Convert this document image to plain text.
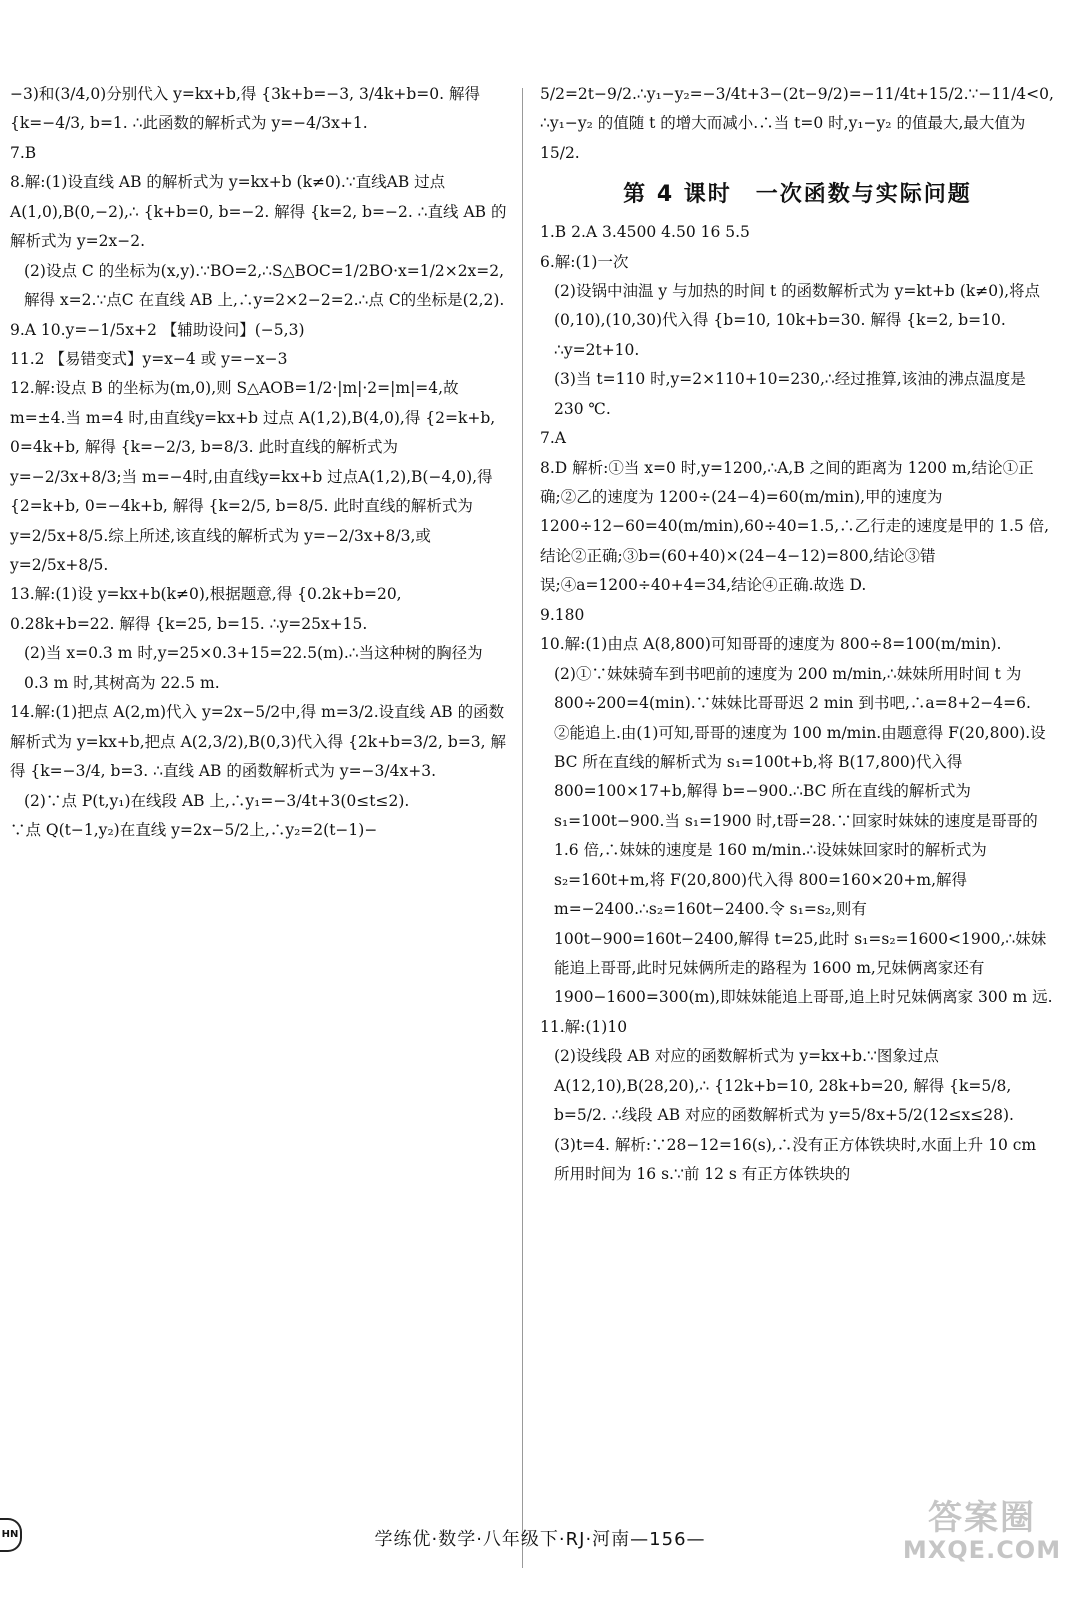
−3)和(3/4,0)分别代入 y=kx+b,得 {3k+b=−3, 3/4k+b=0. 解得

{k=−4/3, b=1. ∴此函数的解析式为 y=−4/3x+1.

7.B

8.解:(1)设直线 AB 的解析式为 y=kx+b (k≠0).∵直线AB 过点 A(1,0),B(0,−2),∴ {k+b=0, b=−2. 解得 {k=2, b=−2. ∴直线 AB 的解析式为 y=2x−2.

(2)设点 C 的坐标为(x,y).∵BO=2,∴S△BOC=1/2BO·x=1/2×2x=2,解得 x=2.∵点C 在直线 AB 上,∴y=2×2−2=2.∴点 C的坐标是(2,2).

9.A 10.y=−1/5x+2 【辅助设问】(−5,3)

11.2 【易错变式】y=x−4 或 y=−x−3

12.解:设点 B 的坐标为(m,0),则 S△AOB=1/2·|m|·2=|m|=4,故 m=±4.当 m=4 时,由直线y=kx+b 过点 A(1,2),B(4,0),得 {2=k+b, 0=4k+b, 解得 {k=−2/3, b=8/3. 此时直线的解析式为 y=−2/3x+8/3;当 m=−4时,由直线y=kx+b 过点A(1,2),B(−4,0),得 {2=k+b, 0=−4k+b, 解得 {k=2/5, b=8/5. 此时直线的解析式为y=2/5x+8/5.综上所述,该直线的解析式为 y=−2/3x+8/3,或 y=2/5x+8/5.

13.解:(1)设 y=kx+b(k≠0),根据题意,得 {0.2k+b=20, 0.28k+b=22. 解得 {k=25, b=15. ∴y=25x+15.

(2)当 x=0.3 m 时,y=25×0.3+15=22.5(m).∴当这种树的胸径为 0.3 m 时,其树高为 22.5 m.

14.解:(1)把点 A(2,m)代入 y=2x−5/2中,得 m=3/2.设直线 AB 的函数解析式为 y=kx+b,把点 A(2,3/2),B(0,3)代入得 {2k+b=3/2, b=3, 解得 {k=−3/4, b=3. ∴直线 AB 的函数解析式为 y=−3/4x+3.

(2)∵点 P(t,y₁)在线段 AB 上,∴y₁=−3/4t+3(0≤t≤2).

∵点 Q(t−1,y₂)在直线 y=2x−5/2上,∴y₂=2(t−1)−

5/2=2t−9/2.∴y₁−y₂=−3/4t+3−(2t−9/2)=−11/4t+15/2.∵−11/4<0,∴y₁−y₂ 的值随 t 的增大而减小.∴当 t=0 时,y₁−y₂ 的值最大,最大值为15/2.

第 4 课时　一次函数与实际问题

1.B 2.A 3.4500 4.50 16 5.5

6.解:(1)一次

(2)设锅中油温 y 与加热的时间 t 的函数解析式为 y=kt+b (k≠0),将点(0,10),(10,30)代入得 {b=10, 10k+b=30. 解得 {k=2, b=10. ∴y=2t+10.

(3)当 t=110 时,y=2×110+10=230,∴经过推算,该油的沸点温度是 230 ℃.

7.A

8.D 解析:①当 x=0 时,y=1200,∴A,B 之间的距离为 1200 m,结论①正确;②乙的速度为 1200÷(24−4)=60(m/min),甲的速度为 1200÷12−60=40(m/min),60÷40=1.5,∴乙行走的速度是甲的 1.5 倍,结论②正确;③b=(60+40)×(24−4−12)=800,结论③错误;④a=1200÷40+4=34,结论④正确.故选 D.

9.180

10.解:(1)由点 A(8,800)可知哥哥的速度为 800÷8=100(m/min).

(2)①∵妹妹骑车到书吧前的速度为 200 m/min,∴妹妹所用时间 t 为 800÷200=4(min).∵妹妹比哥哥迟 2 min 到书吧,∴a=8+2−4=6.

②能追上.由(1)可知,哥哥的速度为 100 m/min.由题意得 F(20,800).设 BC 所在直线的解析式为 s₁=100t+b,将 B(17,800)代入得 800=100×17+b,解得 b=−900.∴BC 所在直线的解析式为 s₁=100t−900.当 s₁=1900 时,t哥=28.∵回家时妹妹的速度是哥哥的 1.6 倍,∴妹妹的速度是 160 m/min.∴设妹妹回家时的解析式为 s₂=160t+m,将 F(20,800)代入得 800=160×20+m,解得 m=−2400.∴s₂=160t−2400.令 s₁=s₂,则有 100t−900=160t−2400,解得 t=25,此时 s₁=s₂=1600<1900,∴妹妹能追上哥哥,此时兄妹俩所走的路程为 1600 m,兄妹俩离家还有 1900−1600=300(m),即妹妹能追上哥哥,追上时兄妹俩离家 300 m 远.

11.解:(1)10

(2)设线段 AB 对应的函数解析式为 y=kx+b.∵图象过点 A(12,10),B(28,20),∴ {12k+b=10, 28k+b=20, 解得 {k=5/8, b=5/2. ∴线段 AB 对应的函数解析式为 y=5/8x+5/2(12≤x≤28).

(3)t=4. 解析:∵28−12=16(s),∴没有正方体铁块时,水面上升 10 cm 所用时间为 16 s.∵前 12 s 有正方体铁块的

HN	学练优·数学·八年级下·RJ·河南—156—
答案圈
MXQE.COM
